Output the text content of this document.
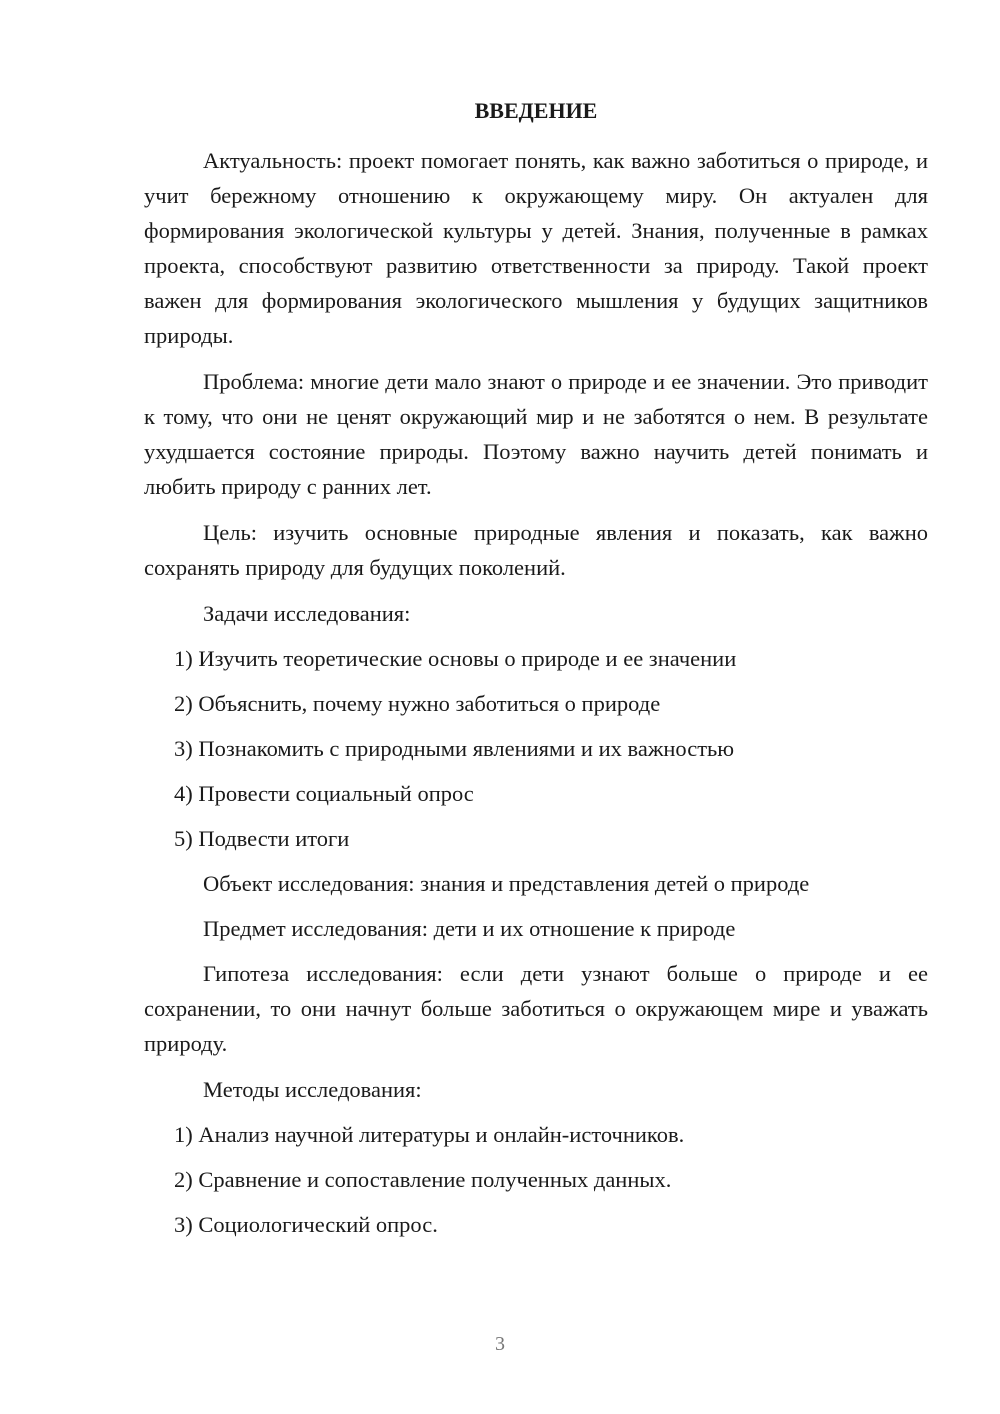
ВВЕДЕНИЕ

Актуальность: проект помогает понять, как важно заботиться о природе, и учит бережному отношению к окружающему миру. Он актуален для формирования экологической культуры у детей. Знания, полученные в рамках проекта, способствуют развитию ответственности за природу. Такой проект важен для формирования экологического мышления у будущих защитников природы.

Проблема: многие дети мало знают о природе и ее значении. Это приводит к тому, что они не ценят окружающий мир и не заботятся о нем. В результате ухудшается состояние природы. Поэтому важно научить детей понимать и любить природу с ранних лет.

Цель: изучить основные природные явления и показать, как важно сохранять природу для будущих поколений.

Задачи исследования:

1) Изучить теоретические основы о природе и ее значении
2) Объяснить, почему нужно заботиться о природе
3) Познакомить с природными явлениями и их важностью
4) Провести социальный опрос
5) Подвести итоги

Объект исследования: знания и представления детей о природе

Предмет исследования: дети и их отношение к природе

Гипотеза исследования: если дети узнают больше о природе и ее сохранении, то они начнут больше заботиться о окружающем мире и уважать природу.

Методы исследования:

1) Анализ научной литературы и онлайн-источников.
2) Сравнение и сопоставление полученных данных.
3) Социологический опрос.
3
